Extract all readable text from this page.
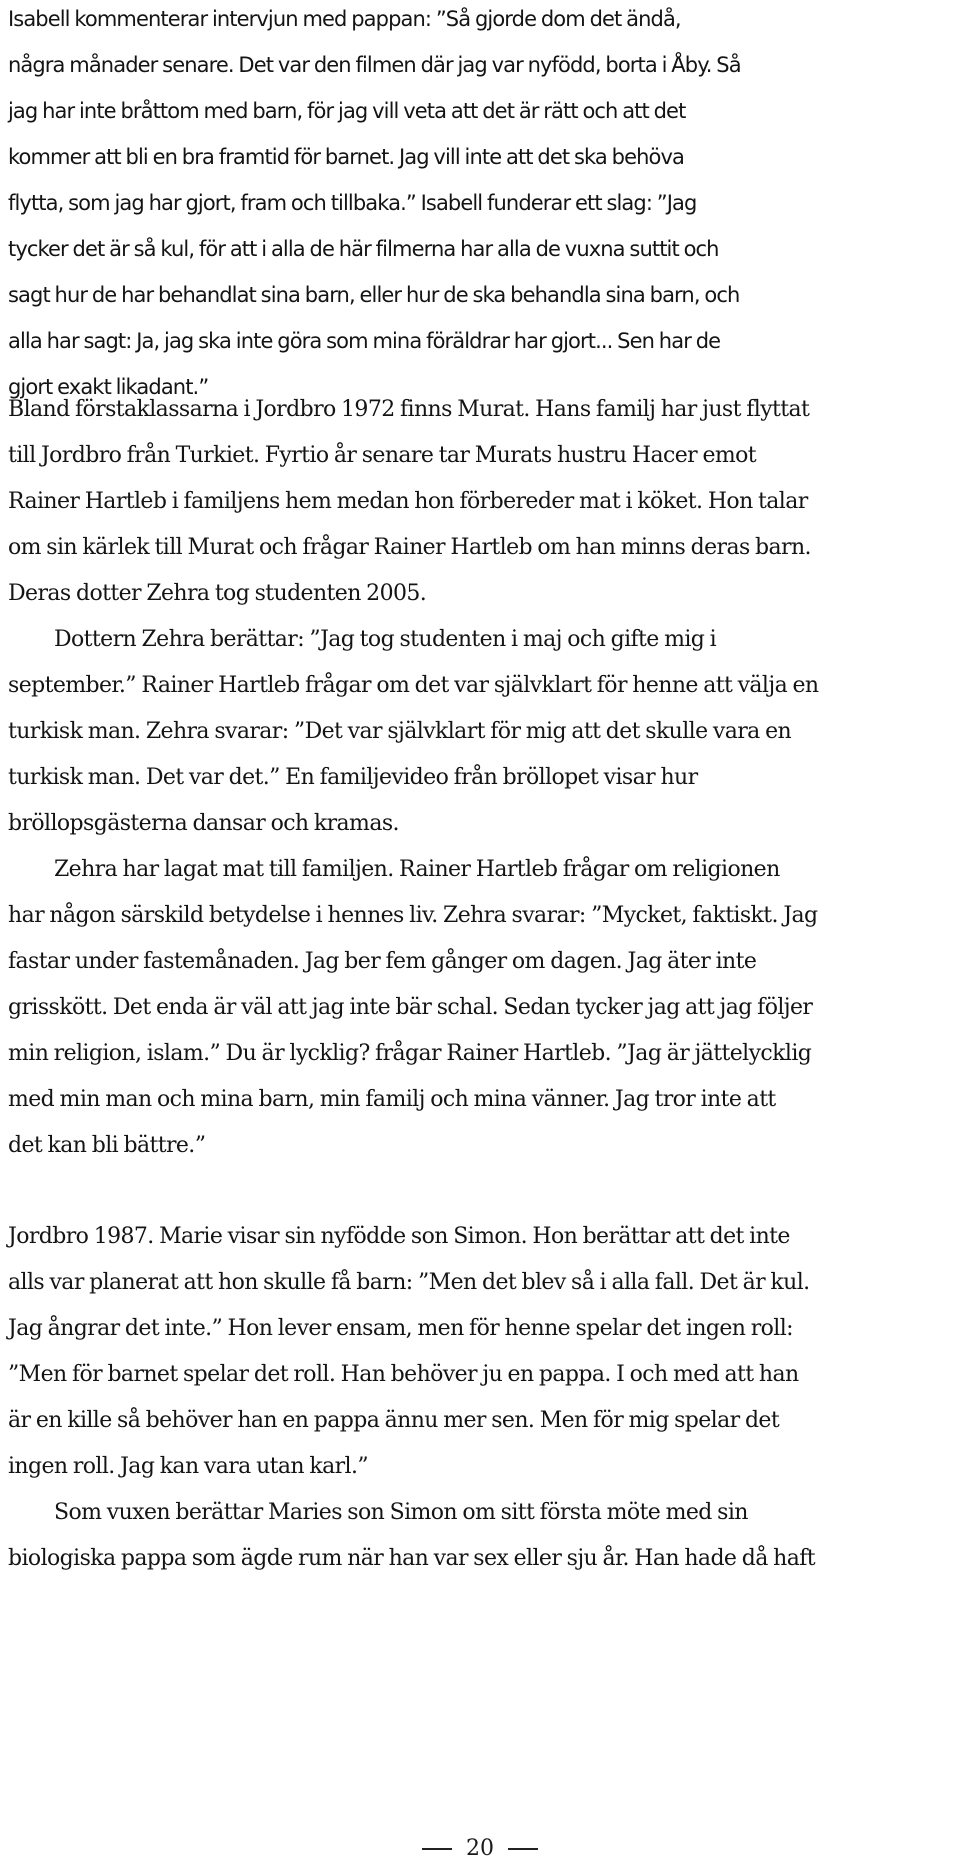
Isabell kommenterar intervjun med pappan: ”Så gjorde dom det ändå,
några månader senare. Det var den filmen där jag var nyfödd, borta i Åby. Så
jag har inte bråttom med barn, för jag vill veta att det är rätt och att det
kommer att bli en bra framtid för barnet. Jag vill inte att det ska behöva
flytta, som jag har gjort, fram och tillbaka.” Isabell funderar ett slag: ”Jag
tycker det är så kul, för att i alla de här filmerna har alla de vuxna suttit och
sagt hur de har behandlat sina barn, eller hur de ska behandla sina barn, och
alla har sagt: Ja, jag ska inte göra som mina föräldrar har gjort... Sen har de
gjort exakt likadant.”
Bland förstaklassarna i Jordbro 1972 finns Murat. Hans familj har just flyttat
till Jordbro från Turkiet. Fyrtio år senare tar Murats hustru Hacer emot
Rainer Hartleb i familjens hem medan hon förbereder mat i köket. Hon talar
om sin kärlek till Murat och frågar Rainer Hartleb om han minns deras barn.
Deras dotter Zehra tog studenten 2005.
Dottern Zehra berättar: ”Jag tog studenten i maj och gifte mig i
september.” Rainer Hartleb frågar om det var självklart för henne att välja en
turkisk man. Zehra svarar: ”Det var självklart för mig att det skulle vara en
turkisk man. Det var det.” En familjevideo från bröllopet visar hur
bröllopsgästerna dansar och kramas.
Zehra har lagat mat till familjen. Rainer Hartleb frågar om religionen
har någon särskild betydelse i hennes liv. Zehra svarar: ”Mycket, faktiskt. Jag
fastar under fastemånaden. Jag ber fem gånger om dagen. Jag äter inte
grisskött. Det enda är väl att jag inte bär schal. Sedan tycker jag att jag följer
min religion, islam.” Du är lycklig? frågar Rainer Hartleb. ”Jag är jättelycklig
med min man och mina barn, min familj och mina vänner. Jag tror inte att
det kan bli bättre.”
Jordbro 1987. Marie visar sin nyfödde son Simon. Hon berättar att det inte
alls var planerat att hon skulle få barn: ”Men det blev så i alla fall. Det är kul.
Jag ångrar det inte.” Hon lever ensam, men för henne spelar det ingen roll:
”Men för barnet spelar det roll. Han behöver ju en pappa. I och med att han
är en kille så behöver han en pappa ännu mer sen. Men för mig spelar det
ingen roll. Jag kan vara utan karl.”
Som vuxen berättar Maries son Simon om sitt första möte med sin
biologiska pappa som ägde rum när han var sex eller sju år. Han hade då haft
20
